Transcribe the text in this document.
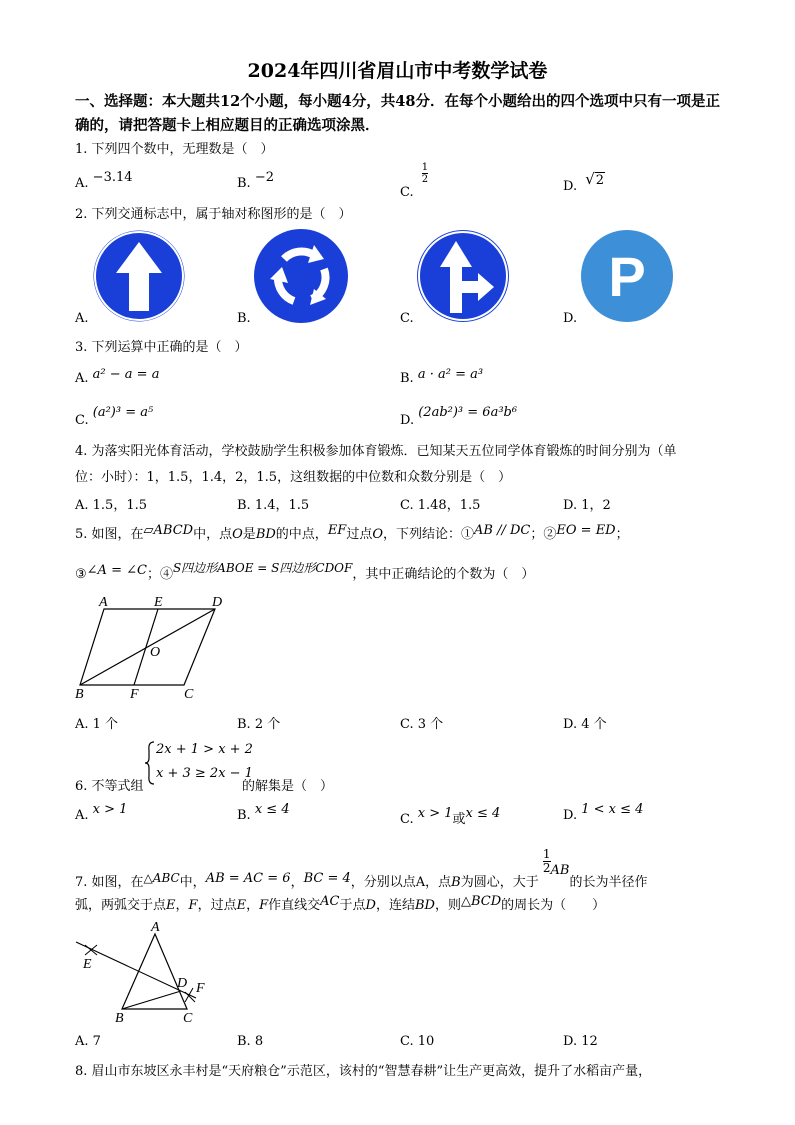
2024年四川省眉山市中考数学试卷
一、选择题：本大题共12个小题，每小题4分，共48分．在每个小题给出的四个选项中只有一项是正确的，请把答题卡上相应题目的正确选项涂黑．
1. 下列四个数中，无理数是（　）
A. −3.14	B. −2
C.
$\frac{1}{2}$
D. √2
2. 下列交通标志中，属于轴对称图形的是（　）
P
A.	B.	C.	D.
3. 下列运算中正确的是（　）
A. a² − a = a	B. a · a² = a³
C. (a²)³ = a⁵
D. (2ab²)³ = 6a³b⁶
4. 为落实阳光体育活动，学校鼓励学生积极参加体育锻炼．已知某天五位同学体育锻炼的时间分别为（单
位：小时）：1，1.5，1.4，2，1.5，这组数据的中位数和众数分别是（　）
A. 1.5，1.5	B. 1.4，1.5	C. 1.48，1.5	D. 1，2
5. 如图，在▱ABCD中，点O是BD的中点，EF过点O，下列结论：①AB // DC；②EO = ED；
③∠A = ∠C；④S四边形ABOE = S四边形CDOF，其中正确结论的个数为（　）
A	E	D
O
B	F	C
A. 1 个	B. 2 个	C. 3 个	D. 4 个
2x + 1 > x + 2
x + 3 ≥ 2x − 1
6. 不等式组	的解集是（　）
A. x > 1	B. x ≤ 4
C. x > 1或x ≤ 4	D. 1 < x ≤ 4
7. 如图，在△ABC中，AB = AC = 6，BC = 4，分别以点A，点B为圆心，大于
$\frac{1}{2}$ AB的长为半径作
弧，两弧交于点E，F，过点E，F作直线交AC于点D，连结BD，则△BCD的周长为（　　）
A
E
D F
B	C
A. 7	B. 8	C. 10	D. 12
8. 眉山市东坡区永丰村是“天府粮仓”示范区，该村的“智慧春耕”让生产更高效，提升了水稻亩产量，
